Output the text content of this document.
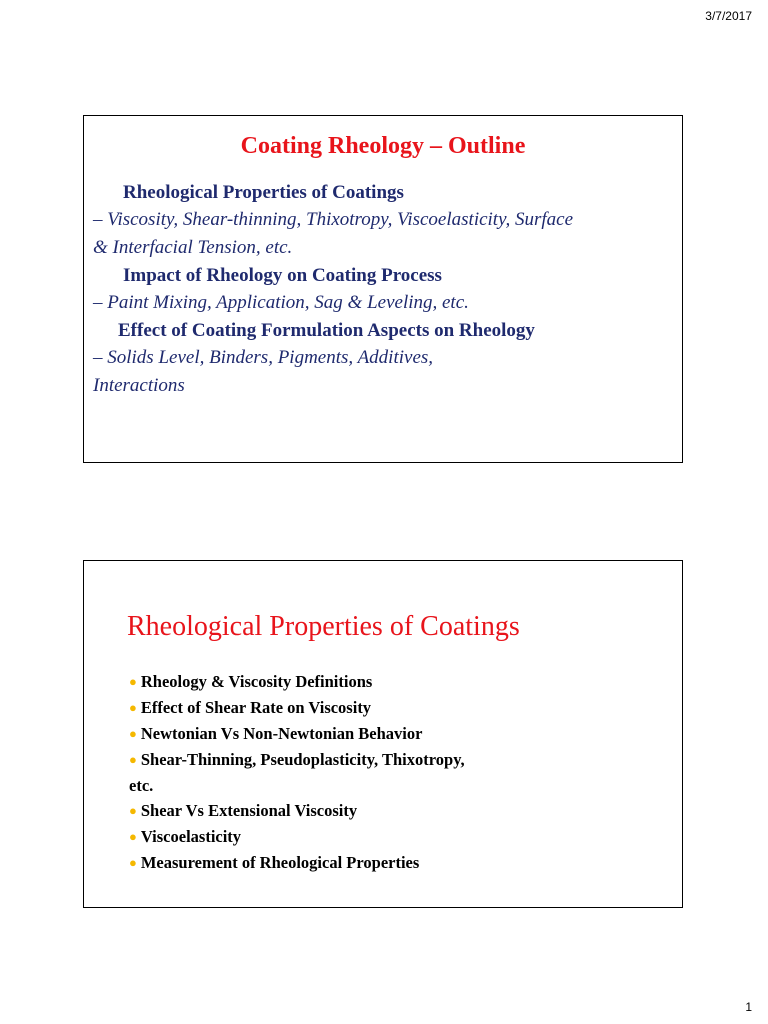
3/7/2017
Coating Rheology – Outline
Rheological Properties of Coatings
– Viscosity, Shear-thinning, Thixotropy, Viscoelasticity, Surface
& Interfacial Tension, etc.
Impact of Rheology on Coating Process
– Paint Mixing, Application, Sag & Leveling, etc.
Effect of Coating Formulation Aspects on Rheology
– Solids Level, Binders, Pigments, Additives,
Interactions
Rheological Properties of Coatings
● Rheology & Viscosity Definitions
● Effect of Shear Rate on Viscosity
● Newtonian Vs Non-Newtonian Behavior
● Shear-Thinning, Pseudoplasticity, Thixotropy,
etc.
● Shear Vs Extensional Viscosity
● Viscoelasticity
● Measurement of Rheological Properties
1
